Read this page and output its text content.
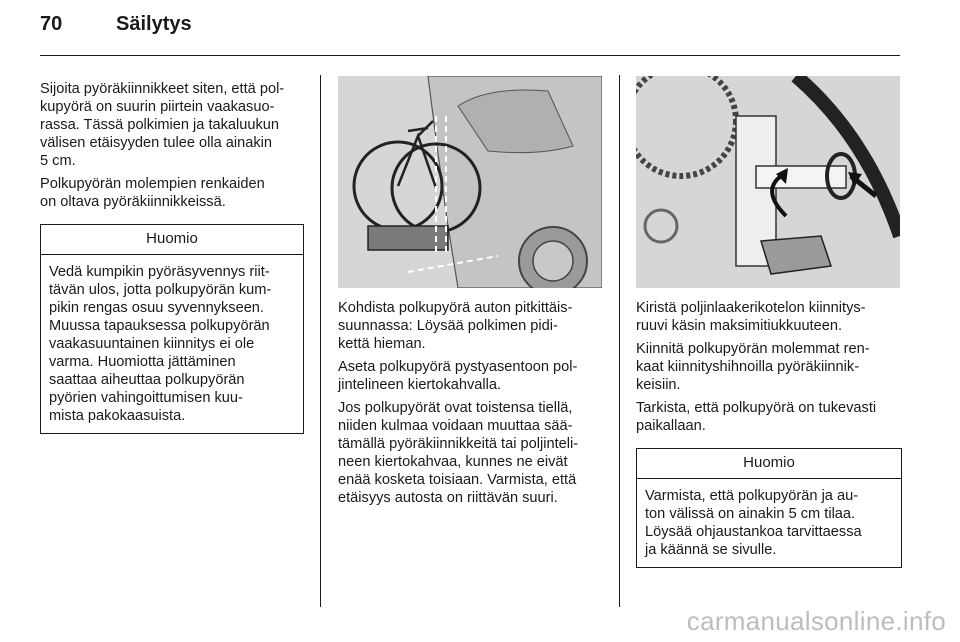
70	Säilytys

Sijoita pyöräkiinnikkeet siten, että pol-
kupyörä on suurin piirtein vaakasuo-
rassa. Tässä polkimien ja takaluukun
välisen etäisyyden tulee olla ainakin
5 cm.

Polkupyörän molempien renkaiden
on oltava pyöräkiinnikkeissä.

Huomio
Vedä kumpikin pyöräsyvennys riit-
tävän ulos, jotta polkupyörän kum-
pikin rengas osuu syvennykseen.
Muussa tapauksessa polkupyörän
vaakasuuntainen kiinnitys ei ole
varma. Huomiotta jättäminen
saattaa aiheuttaa polkupyörän
pyörien vahingoittumisen kuu-
mista pakokaasuista.

Kohdista polkupyörä auton pitkittäis-
suunnassa: Löysää polkimen pidi-
kettä hieman.

Aseta polkupyörä pystyasentoon pol-
jintelineen kiertokahvalla.

Jos polkupyörät ovat toistensa tiellä,
niiden kulmaa voidaan muuttaa sää-
tämällä pyöräkiinnikkeitä tai poljinteli-
neen kiertokahvaa, kunnes ne eivät
enää kosketa toisiaan. Varmista, että
etäisyys autosta on riittävän suuri.

Kiristä poljinlaakerikotelon kiinnitys-
ruuvi käsin maksimitiukkuuteen.

Kiinnitä polkupyörän molemmat ren-
kaat kiinnityshihnoilla pyöräkiinnik-
keisiin.

Tarkista, että polkupyörä on tukevasti
paikallaan.

Huomio
Varmista, että polkupyörän ja au-
ton välissä on ainakin 5 cm tilaa.
Löysää ohjaustankoa tarvittaessa
ja käännä se sivulle.
carmanualsonline.info
